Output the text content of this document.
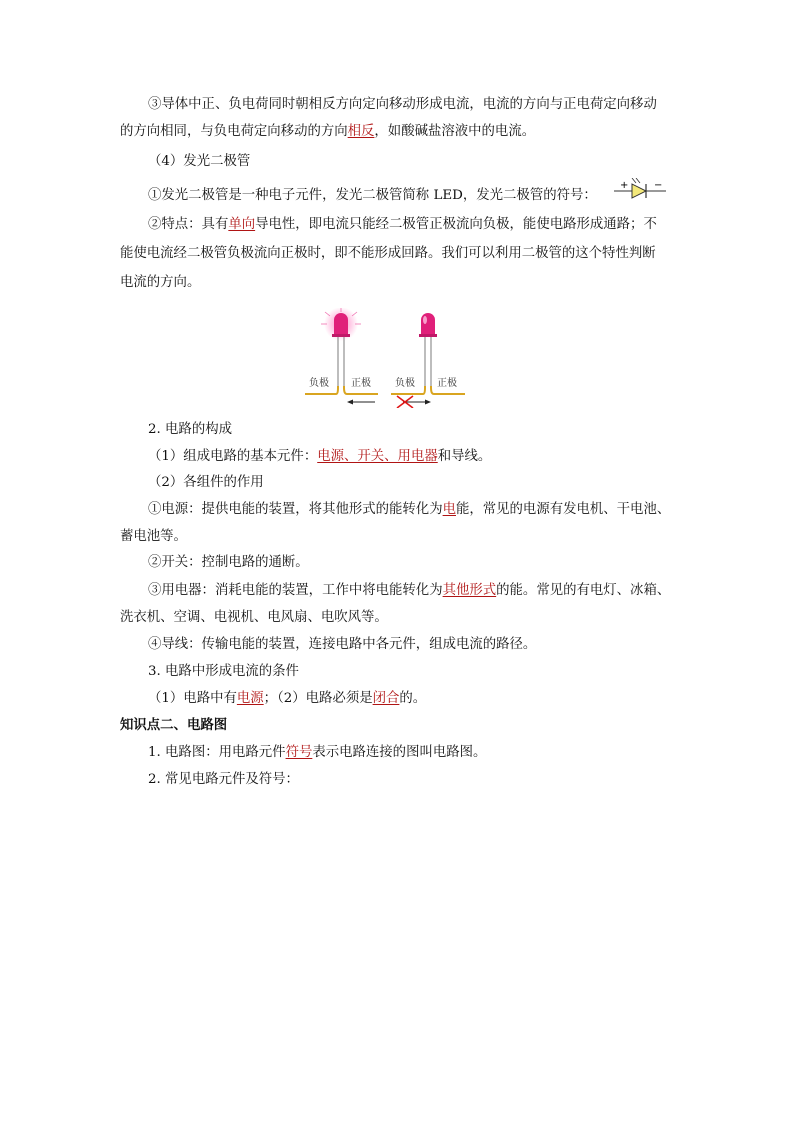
③导体中正、负电荷同时朝相反方向定向移动形成电流，电流的方向与正电荷定向移动
的方向相同，与负电荷定向移动的方向相反，如酸碱盐溶液中的电流。
（4）发光二极管
①发光二极管是一种电子元件，发光二极管简称 LED，发光二极管的符号：
+	−
②特点：具有单向导电性，即电流只能经二极管正极流向负极，能使电路形成通路；不
能使电流经二极管负极流向正极时，即不能形成回路。我们可以利用二极管的这个特性判断
电流的方向。
负极 正极 负极 正极
2. 电路的构成
（1）组成电路的基本元件：电源、开关、用电器和导线。
（2）各组件的作用
①电源：提供电能的装置，将其他形式的能转化为电能，常见的电源有发电机、干电池、
蓄电池等。
②开关：控制电路的通断。
③用电器：消耗电能的装置，工作中将电能转化为其他形式的能。常见的有电灯、冰箱、
洗衣机、空调、电视机、电风扇、电吹风等。
④导线：传输电能的装置，连接电路中各元件，组成电流的路径。
3. 电路中形成电流的条件
（1）电路中有电源；（2）电路必须是闭合的。
知识点二、电路图
1. 电路图：用电路元件符号表示电路连接的图叫电路图。
2. 常见电路元件及符号：
